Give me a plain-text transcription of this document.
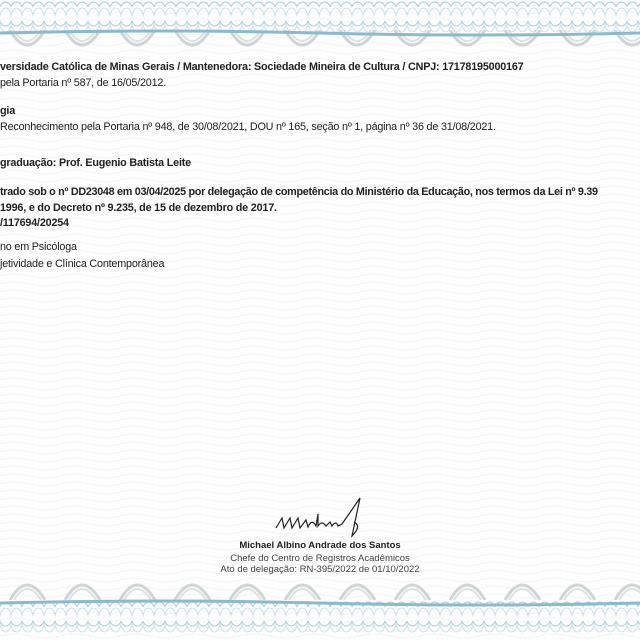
versidade Católica de Minas Gerais / Mantenedora: Sociedade Mineira de Cultura / CNPJ: 17178195000167
pela Portaria nº 587, de 16/05/2012.
gia
Reconhecimento pela Portaria nº 948, de 30/08/2021, DOU nº 165, seção nº 1, página nº 36 de 31/08/2021.
graduação: Prof. Eugenio Batista Leite
trado sob o nº DD23048 em 03/04/2025 por delegação de competência do Ministério da Educação, nos termos da Lei nº 9.39
1996, e do Decreto nº 9.235, de 15 de dezembro de 2017.
/117694/20254
no em Psicóloga
jetividade e Clínica Contemporânea
Michael Albino Andrade dos Santos
Chefe do Centro de Registros Acadêmicos
Ato de delegação: RN-395/2022 de 01/10/2022
